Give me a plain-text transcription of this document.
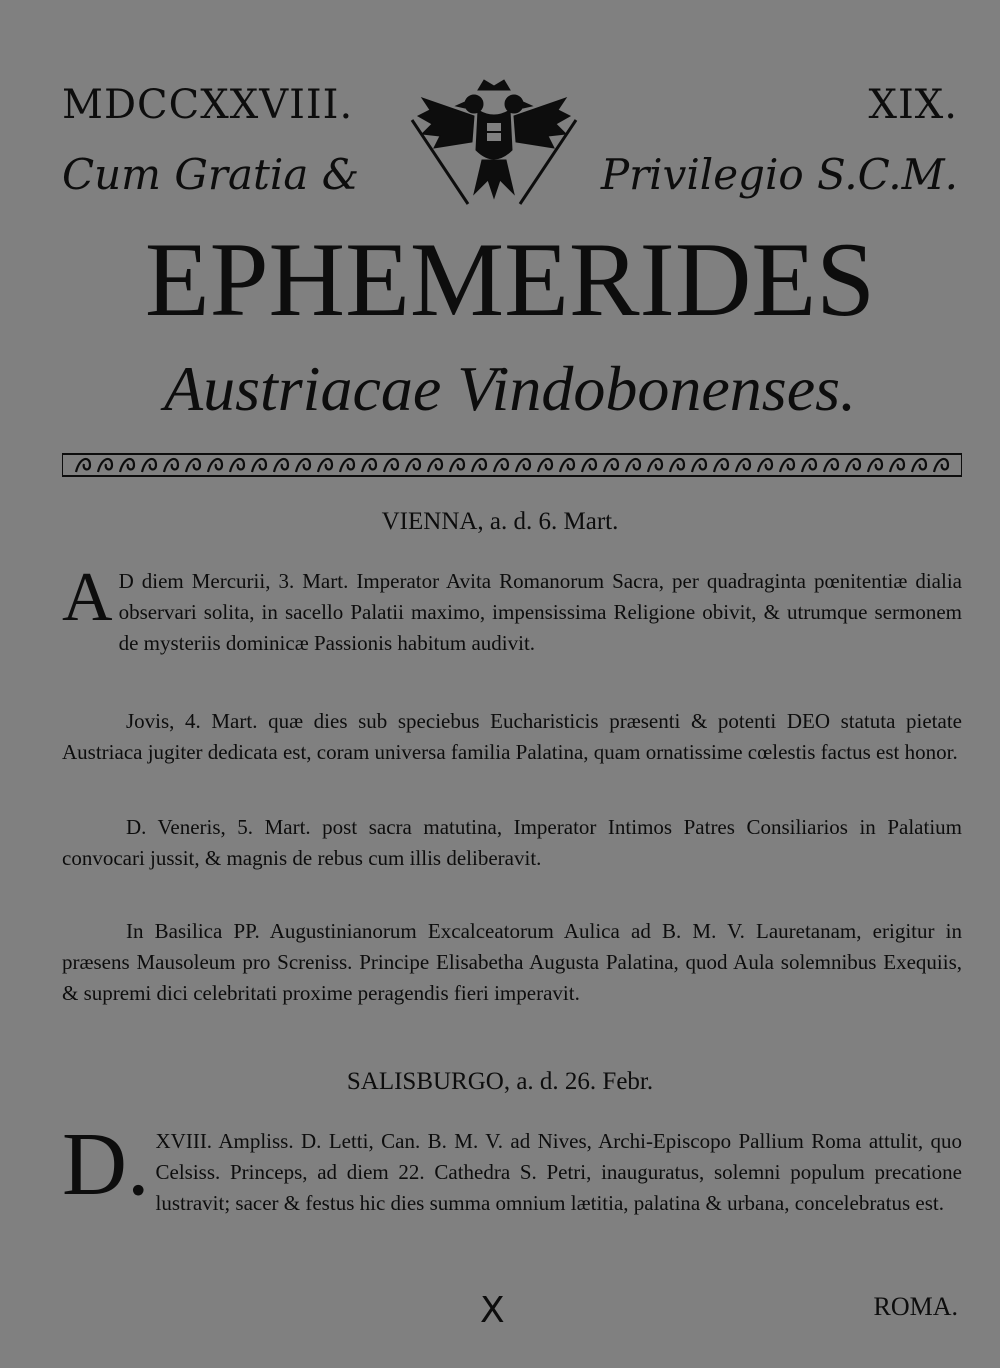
MDCCXXVIII.	XIX.
Cum Gratia &	Privilegio S.C.M.
EPHEMERIDES
Austriacae Vindobonenses.
VIENNA, a. d. 6. Mart.
A D diem Mercurii, 3. Mart. Imperator Avita Romanorum Sacra, per quadraginta pœnitentiæ dialia observari solita, in sacello Palatii maximo, impensissima Religione obivit, & utrumque sermonem de mysteriis dominicæ Passionis habitum audivit.
Jovis, 4. Mart. quæ dies sub speciebus Eucharisticis præsenti & potenti DEO statuta pietate Austriaca jugiter dedicata est, coram universa familia Palatina, quam ornatissime cœlestis factus est honor.
D. Veneris, 5. Mart. post sacra matutina, Imperator Intimos Patres Consiliarios in Palatium convocari jussit, & magnis de rebus cum illis deliberavit.
In Basilica PP. Augustinianorum Excalceatorum Aulica ad B. M. V. Lauretanam, erigitur in præsens Mausoleum pro Screniss. Principe Elisabetha Augusta Palatina, quod Aula solemnibus Exequiis, & supremi dici celebritati proxime peragendis fieri imperavit.
SALISBURGO, a. d. 26. Febr.
D. XVIII. Ampliss. D. Letti, Can. B. M. V. ad Nives, Archi-Episcopo Pallium Roma attulit, quo Celsiss. Princeps, ad diem 22. Cathedra S. Petri, inauguratus, solemni populum precatione lustravit; sacer & festus hic dies summa omnium lætitia, palatina & urbana, concelebratus est.
X	ROMA.
